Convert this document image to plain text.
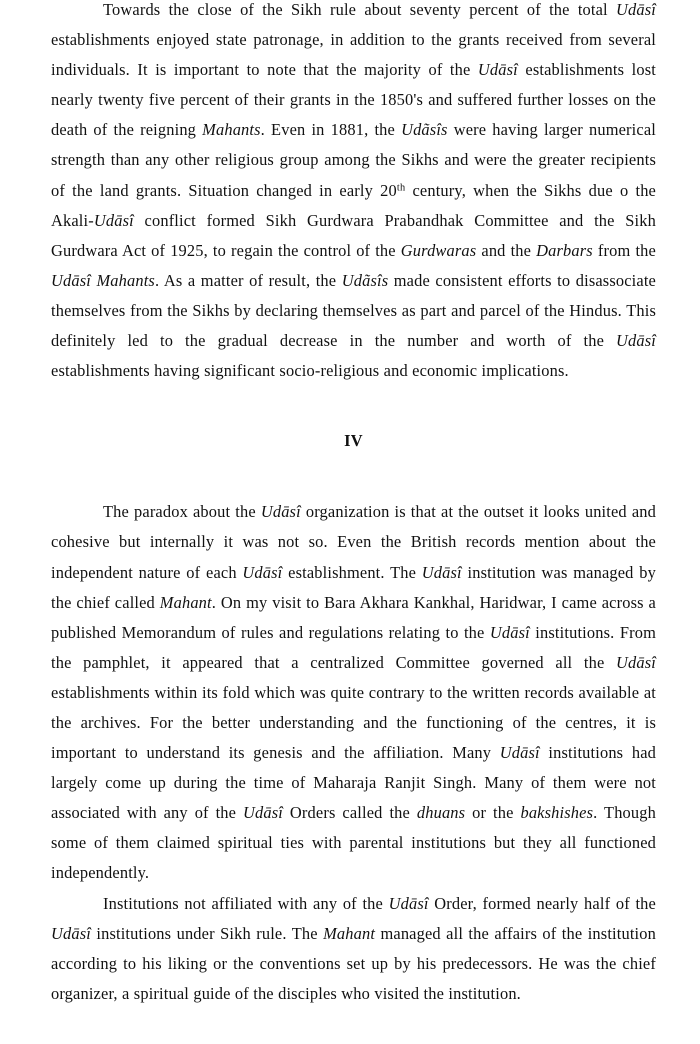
Towards the close of the Sikh rule about seventy percent of the total Udāsî establishments enjoyed state patronage, in addition to the grants received from several individuals. It is important to note that the majority of the Udāsî establishments lost nearly twenty five percent of their grants in the 1850's and suffered further losses on the death of the reigning Mahants. Even in 1881, the Udãsîs were having larger numerical strength than any other religious group among the Sikhs and were the greater recipients of the land grants. Situation changed in early 20th century, when the Sikhs due o the Akali-Udāsî conflict formed Sikh Gurdwara Prabandhak Committee and the Sikh Gurdwara Act of 1925, to regain the control of the Gurdwaras and the Darbars from the Udāsî Mahants. As a matter of result, the Udãsîs made consistent efforts to disassociate themselves from the Sikhs by declaring themselves as part and parcel of the Hindus. This definitely led to the gradual decrease in the number and worth of the Udāsî establishments having significant socio-religious and economic implications.

IV

The paradox about the Udāsî organization is that at the outset it looks united and cohesive but internally it was not so. Even the British records mention about the independent nature of each Udāsî establishment. The Udāsî institution was managed by the chief called Mahant. On my visit to Bara Akhara Kankhal, Haridwar, I came across a published Memorandum of rules and regulations relating to the Udāsî institutions. From the pamphlet, it appeared that a centralized Committee governed all the Udāsî establishments within its fold which was quite contrary to the written records available at the archives. For the better understanding and the functioning of the centres, it is important to understand its genesis and the affiliation. Many Udāsî institutions had largely come up during the time of Maharaja Ranjit Singh. Many of them were not associated with any of the Udāsî Orders called the dhuans or the bakshishes. Though some of them claimed spiritual ties with parental institutions but they all functioned independently.

Institutions not affiliated with any of the Udāsî Order, formed nearly half of the Udāsî institutions under Sikh rule. The Mahant managed all the affairs of the institution according to his liking or the conventions set up by his predecessors. He was the chief organizer, a spiritual guide of the disciples who visited the institution.
